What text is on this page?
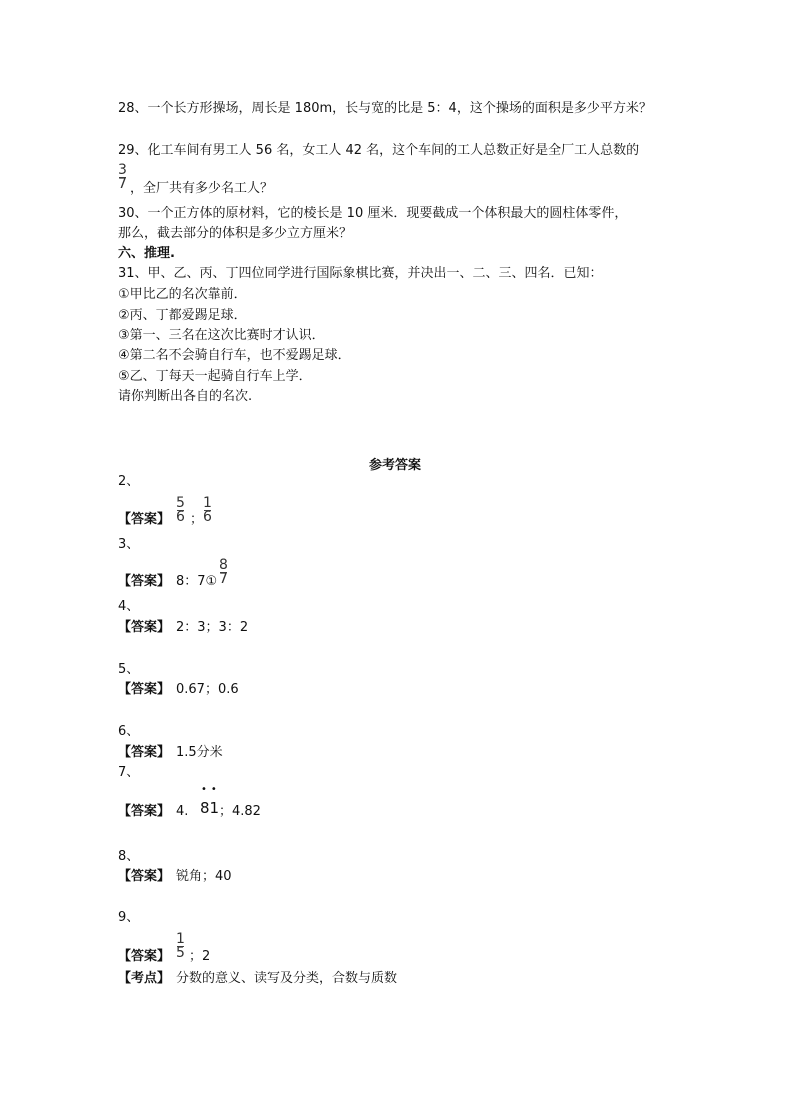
28、一个长方形操场，周长是 180m，长与宽的比是 5：4，这个操场的面积是多少平方米？
29、化工车间有男工人 56 名，女工人 42 名，这个车间的工人总数正好是全厂工人总数的
3
7 ，全厂共有多少名工人？
30、一个正方体的原材料，它的棱长是 10 厘米．现要截成一个体积最大的圆柱体零件，
那么，截去部分的体积是多少立方厘米？
六、推理.
31、甲、乙、丙、丁四位同学进行国际象棋比赛，并决出一、二、三、四名．已知：
①甲比乙的名次靠前．
②丙、丁都爱踢足球．
③第一、三名在这次比赛时才认识．
④第二名不会骑自行车，也不爱踢足球．
⑤乙、丁每天一起骑自行车上学．
请你判断出各自的名次.
参考答案
2、
【答案】
5
6 ；
1
6
3、
【答案】 8：7①
8
7
4、
【答案】 2：3；3：2
5、
【答案】 0.67；0.6
6、
【答案】 1.5分米
7、
••
【答案】 4. 81 ；4.82
8、
【答案】 锐角；40
9、
【答案】
1
5 ；2
【考点】 分数的意义、读写及分类，合数与质数
